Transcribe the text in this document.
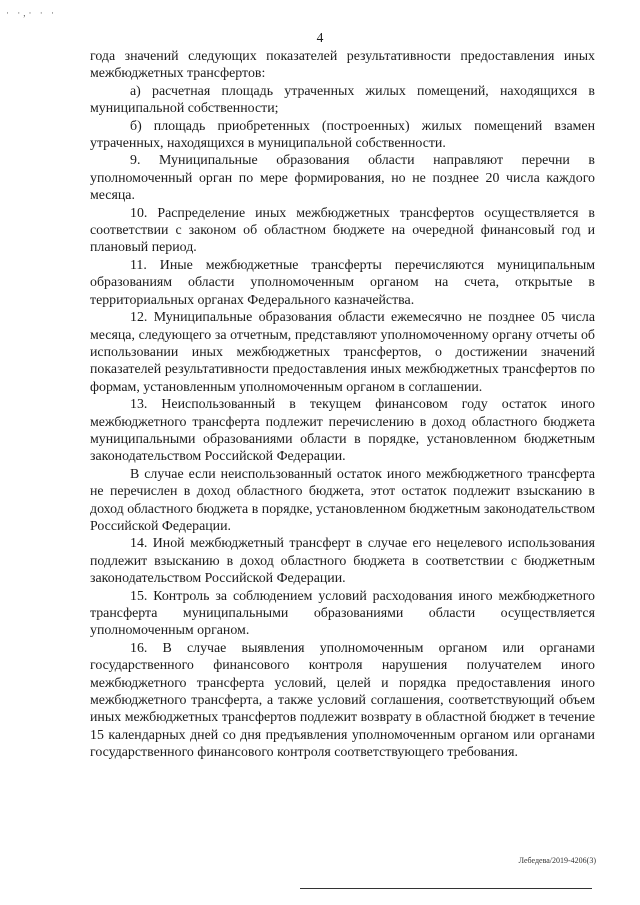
· ·,· · ·
4

года значений следующих показателей результативности предоставления иных межбюджетных трансфертов:

а) расчетная площадь утраченных жилых помещений, находящихся в муниципальной собственности;

б) площадь приобретенных (построенных) жилых помещений взамен утраченных, находящихся в муниципальной собственности.

9. Муниципальные образования области направляют перечни в уполномоченный орган по мере формирования, но не позднее 20 числа каждого месяца.

10. Распределение иных межбюджетных трансфертов осуществляется в соответствии с законом об областном бюджете на очередной финансовый год и плановый период.

11. Иные межбюджетные трансферты перечисляются муниципальным образованиям области уполномоченным органом на счета, открытые в территориальных органах Федерального казначейства.

12. Муниципальные образования области ежемесячно не позднее 05 числа месяца, следующего за отчетным, представляют уполномоченному органу отчеты об использовании иных межбюджетных трансфертов, о достижении значений показателей результативности предоставления иных межбюджетных трансфертов по формам, установленным уполномоченным органом в соглашении.

13. Неиспользованный в текущем финансовом году остаток иного межбюджетного трансферта подлежит перечислению в доход областного бюджета муниципальными образованиями области в порядке, установленном бюджетным законодательством Российской Федерации.

В случае если неиспользованный остаток иного межбюджетного трансферта не перечислен в доход областного бюджета, этот остаток подлежит взысканию в доход областного бюджета в порядке, установленном бюджетным законодательством Российской Федерации.

14. Иной межбюджетный трансферт в случае его нецелевого использования подлежит взысканию в доход областного бюджета в соответствии с бюджетным законодательством Российской Федерации.

15. Контроль за соблюдением условий расходования иного межбюджетного трансферта муниципальными образованиями области осуществляется уполномоченным органом.

16. В случае выявления уполномоченным органом или органами государственного финансового контроля нарушения получателем иного межбюджетного трансферта условий, целей и порядка предоставления иного межбюджетного трансферта, а также условий соглашения, соответствующий объем иных межбюджетных трансфертов подлежит возврату в областной бюджет в течение 15 календарных дней со дня предъявления уполномоченным органом или органами государственного финансового контроля соответствующего требования.

Лебедева/2019-4206(3)
